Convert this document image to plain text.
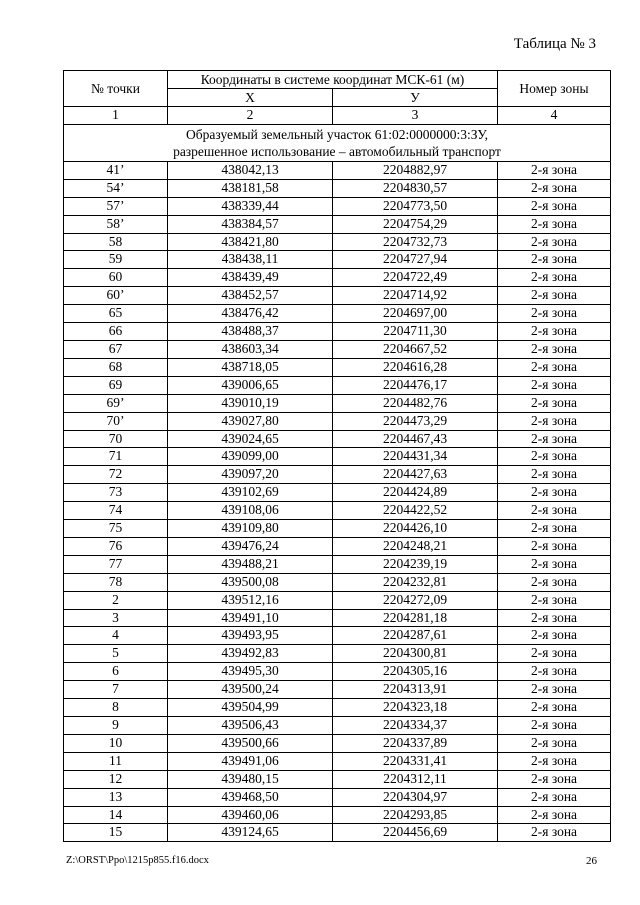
Таблица № 3
№ точки	Координаты в системе координат МСК-61 (м)		Номер зоны
	Х	У	
1	2	3	4
Образуемый земельный участок 61:02:0000000:3:ЗУ,
разрешенное использование – автомобильный транспорт			
41’	438042,13	2204882,97	2-я зона
54’	438181,58	2204830,57	2-я зона
57’	438339,44	2204773,50	2-я зона
58’	438384,57	2204754,29	2-я зона
58	438421,80	2204732,73	2-я зона
59	438438,11	2204727,94	2-я зона
60	438439,49	2204722,49	2-я зона
60’	438452,57	2204714,92	2-я зона
65	438476,42	2204697,00	2-я зона
66	438488,37	2204711,30	2-я зона
67	438603,34	2204667,52	2-я зона
68	438718,05	2204616,28	2-я зона
69	439006,65	2204476,17	2-я зона
69’	439010,19	2204482,76	2-я зона
70’	439027,80	2204473,29	2-я зона
70	439024,65	2204467,43	2-я зона
71	439099,00	2204431,34	2-я зона
72	439097,20	2204427,63	2-я зона
73	439102,69	2204424,89	2-я зона
74	439108,06	2204422,52	2-я зона
75	439109,80	2204426,10	2-я зона
76	439476,24	2204248,21	2-я зона
77	439488,21	2204239,19	2-я зона
78	439500,08	2204232,81	2-я зона
2	439512,16	2204272,09	2-я зона
3	439491,10	2204281,18	2-я зона
4	439493,95	2204287,61	2-я зона
5	439492,83	2204300,81	2-я зона
6	439495,30	2204305,16	2-я зона
7	439500,24	2204313,91	2-я зона
8	439504,99	2204323,18	2-я зона
9	439506,43	2204334,37	2-я зона
10	439500,66	2204337,89	2-я зона
11	439491,06	2204331,41	2-я зона
12	439480,15	2204312,11	2-я зона
13	439468,50	2204304,97	2-я зона
14	439460,06	2204293,85	2-я зона
15	439124,65	2204456,69	2-я зона
Z:\ORST\Ppo\1215p855.f16.docx	26
